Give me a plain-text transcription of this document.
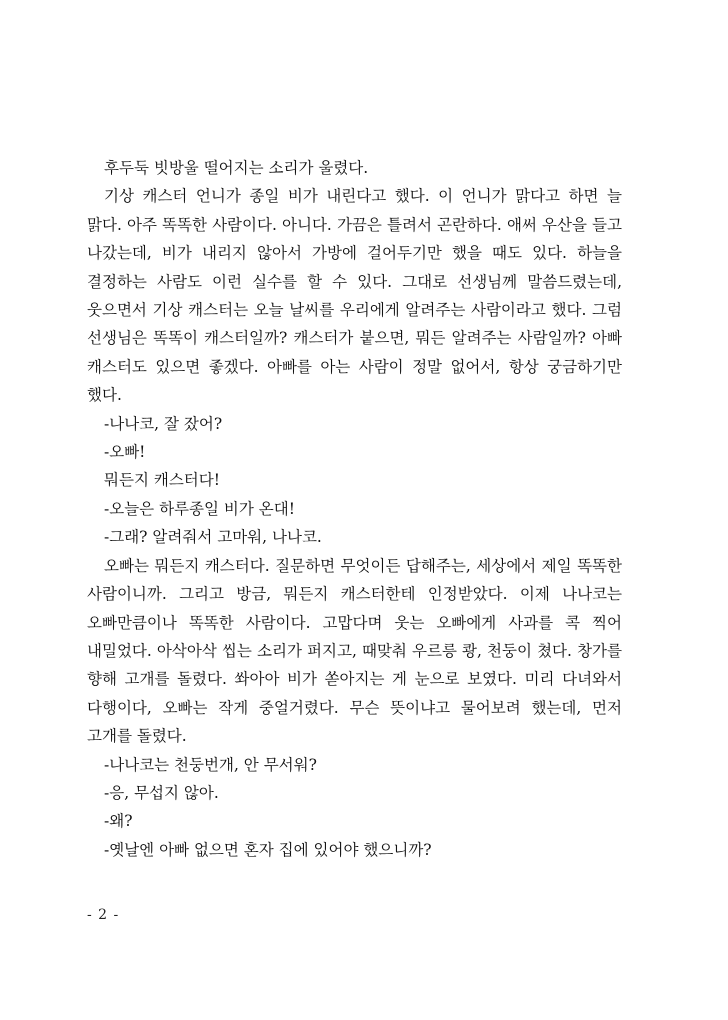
후두둑 빗방울 떨어지는 소리가 울렸다.

기상 캐스터 언니가 종일 비가 내린다고 했다. 이 언니가 맑다고 하면 늘 맑다. 아주 똑똑한 사람이다. 아니다. 가끔은 틀려서 곤란하다. 애써 우산을 들고 나갔는데, 비가 내리지 않아서 가방에 걸어두기만 했을 때도 있다. 하늘을 결정하는 사람도 이런 실수를 할 수 있다. 그대로 선생님께 말씀드렸는데, 웃으면서 기상 캐스터는 오늘 날씨를 우리에게 알려주는 사람이라고 했다. 그럼 선생님은 똑똑이 캐스터일까? 캐스터가 붙으면, 뭐든 알려주는 사람일까? 아빠 캐스터도 있으면 좋겠다. 아빠를 아는 사람이 정말 없어서, 항상 궁금하기만 했다.

-나나코, 잘 잤어?

-오빠!

뭐든지 캐스터다!

-오늘은 하루종일 비가 온대!

-그래? 알려줘서 고마워, 나나코.

오빠는 뭐든지 캐스터다. 질문하면 무엇이든 답해주는, 세상에서 제일 똑똑한 사람이니까. 그리고 방금, 뭐든지 캐스터한테 인정받았다. 이제 나나코는 오빠만큼이나 똑똑한 사람이다. 고맙다며 웃는 오빠에게 사과를 콕 찍어 내밀었다. 아삭아삭 씹는 소리가 퍼지고, 때맞춰 우르릉 쾅, 천둥이 쳤다. 창가를 향해 고개를 돌렸다. 쏴아아 비가 쏟아지는 게 눈으로 보였다. 미리 다녀와서 다행이다, 오빠는 작게 중얼거렸다. 무슨 뜻이냐고 물어보려 했는데, 먼저 고개를 돌렸다.

-나나코는 천둥번개, 안 무서워?

-응, 무섭지 않아.

-왜?

-옛날엔 아빠 없으면 혼자 집에 있어야 했으니까?

- 2 -
